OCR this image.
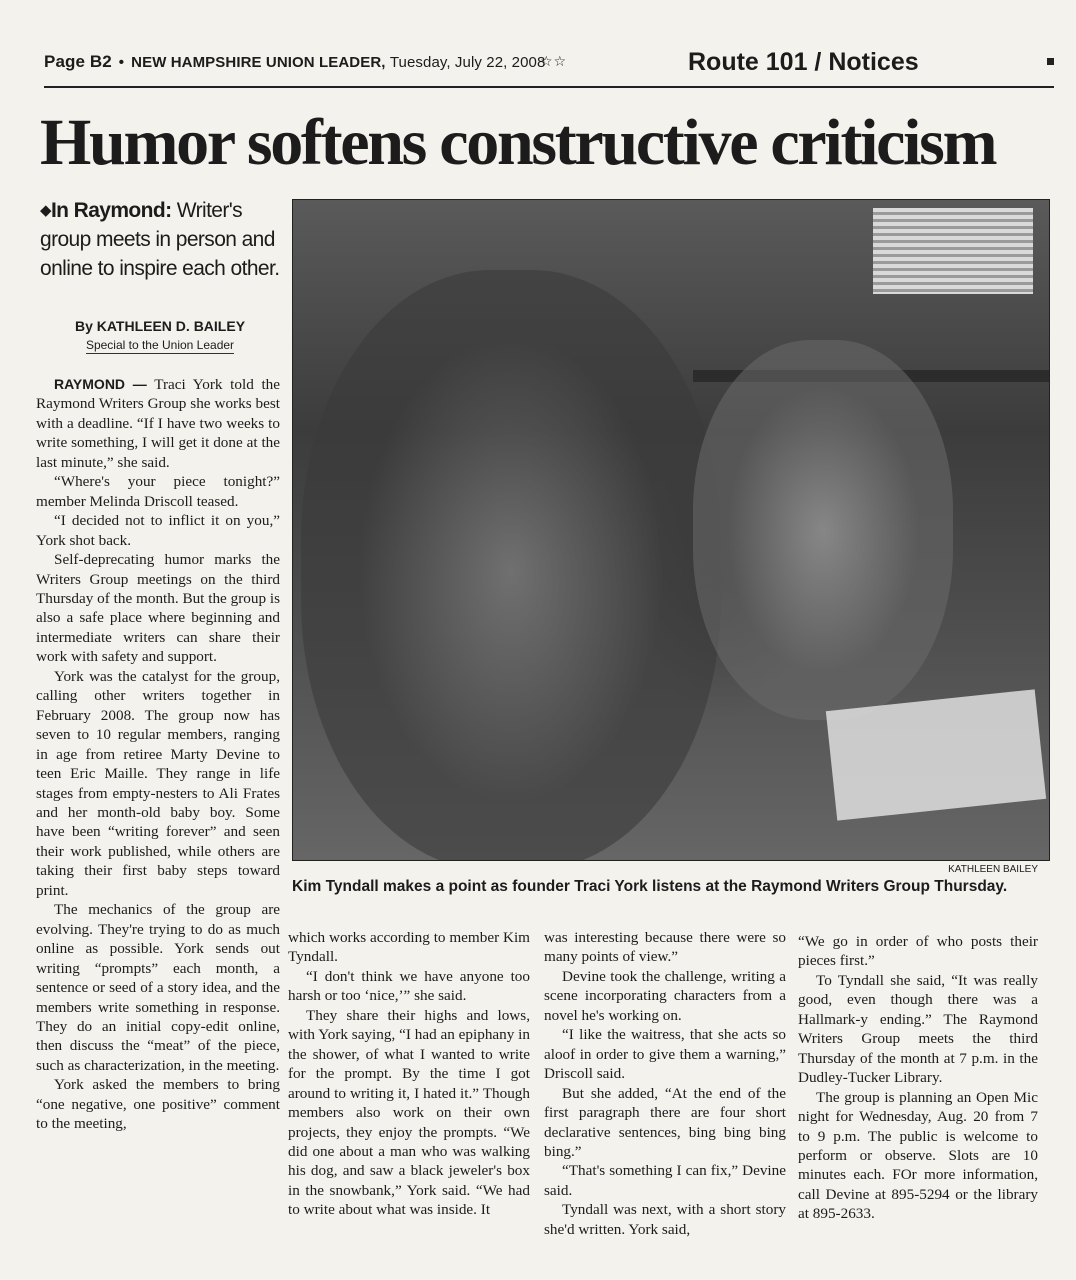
Page B2 • NEW HAMPSHIRE UNION LEADER, Tuesday, July 22, 2008
☆☆	Route 101 / Notices
Humor softens constructive criticism
◆In Raymond: Writer's group meets in person and online to inspire each other.
By KATHLEEN D. BAILEY
Special to the Union Leader

RAYMOND — Traci York told the Raymond Writers Group she works best with a deadline. “If I have two weeks to write something, I will get it done at the last minute,” she said.

“Where's your piece tonight?” member Melinda Driscoll teased.

“I decided not to inflict it on you,” York shot back.

Self-deprecating humor marks the Writers Group meetings on the third Thursday of the month. But the group is also a safe place where beginning and intermediate writers can share their work with safety and support.

York was the catalyst for the group, calling other writers together in February 2008. The group now has seven to 10 regular members, ranging in age from retiree Marty Devine to teen Eric Maille. They range in life stages from empty-nesters to Ali Frates and her month-old baby boy. Some have been “writing forever” and seen their work published, while others are taking their first baby steps toward print.

The mechanics of the group are evolving. They're trying to do as much online as possible. York sends out writing “prompts” each month, a sentence or seed of a story idea, and the members write something in response. They do an initial copy-edit online, then discuss the “meat” of the piece, such as characterization, in the meeting.

York asked the members to bring “one negative, one positive” comment to the meeting,

KATHLEEN BAILEY
Kim Tyndall makes a point as founder Traci York listens at the Raymond Writers Group Thursday.

which works according to member Kim Tyndall.

“I don't think we have anyone too harsh or too ‘nice,’” she said.

They share their highs and lows, with York saying, “I had an epiphany in the shower, of what I wanted to write for the prompt. By the time I got around to writing it, I hated it.” Though members also work on their own projects, they enjoy the prompts. “We did one about a man who was walking his dog, and saw a black jeweler's box in the snowbank,” York said. “We had to write about what was inside. It

was interesting because there were so many points of view.”

Devine took the challenge, writing a scene incorporating characters from a novel he's working on.

“I like the waitress, that she acts so aloof in order to give them a warning,” Driscoll said.

But she added, “At the end of the first paragraph there are four short declarative sentences, bing bing bing bing.”

“That's something I can fix,” Devine said.

Tyndall was next, with a short story she'd written. York said,

“We go in order of who posts their pieces first.”

To Tyndall she said, “It was really good, even though there was a Hallmark-y ending.” The Raymond Writers Group meets the third Thursday of the month at 7 p.m. in the Dudley-Tucker Library.

The group is planning an Open Mic night for Wednesday, Aug. 20 from 7 to 9 p.m. The public is welcome to perform or observe. Slots are 10 minutes each. FOr more information, call Devine at 895-5294 or the library at 895-2633.
